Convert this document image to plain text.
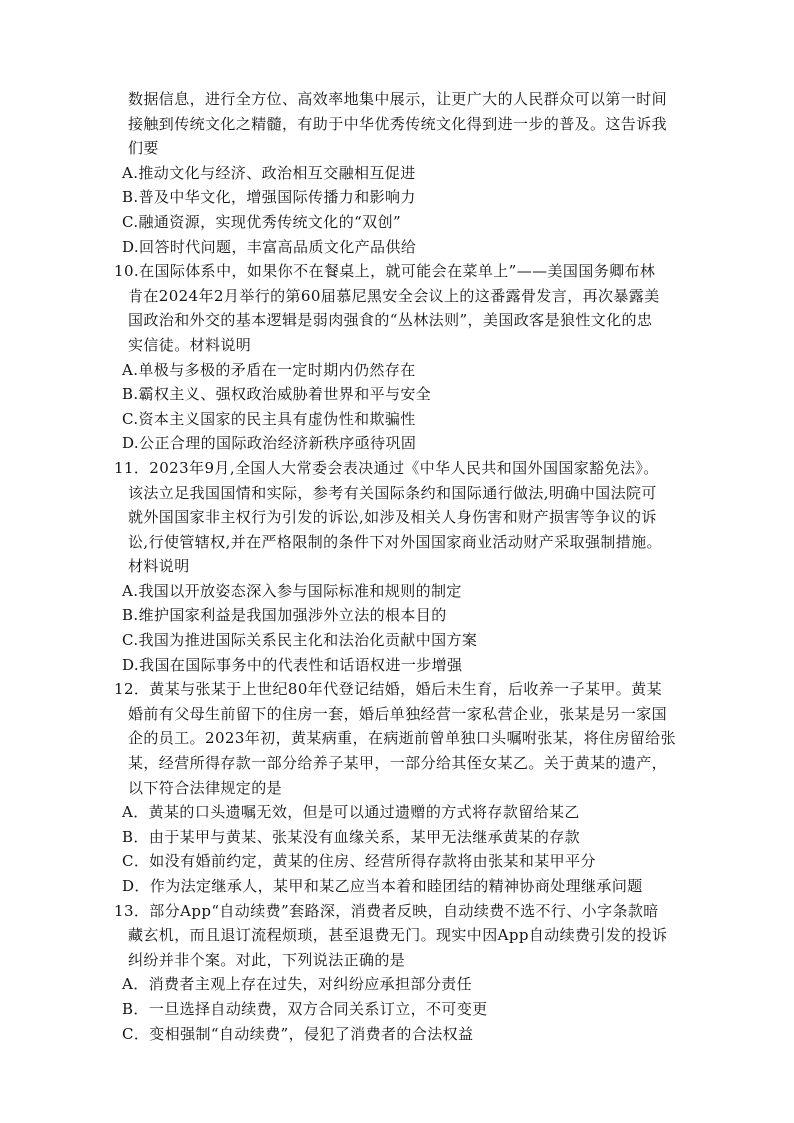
数据信息，进行全方位、高效率地集中展示，让更广大的人民群众可以第一时间
接触到传统文化之精髓，有助于中华优秀传统文化得到进一步的普及。这告诉我
们要
A.推动文化与经济、政治相互交融相互促进
B.普及中华文化，增强国际传播力和影响力
C.融通资源，实现优秀传统文化的“双创”
D.回答时代问题，丰富高品质文化产品供给
10.在国际体系中，如果你不在餐桌上，就可能会在菜单上”——美国国务卿布林
肯在2024年2月举行的第60届慕尼黑安全会议上的这番露骨发言，再次暴露美
国政治和外交的基本逻辑是弱肉强食的“丛林法则”，美国政客是狼性文化的忠
实信徒。材料说明
A.单极与多极的矛盾在一定时期内仍然存在
B.霸权主义、强权政治威胁着世界和平与安全
C.资本主义国家的民主具有虚伪性和欺骗性
D.公正合理的国际政治经济新秩序亟待巩固
11．2023年9月,全国人大常委会表决通过《中华人民共和国外国国家豁免法》。
该法立足我国国情和实际，参考有关国际条约和国际通行做法,明确中国法院可
就外国国家非主权行为引发的诉讼,如涉及相关人身伤害和财产损害等争议的诉
讼,行使管辖权,并在严格限制的条件下对外国国家商业活动财产采取强制措施。
材料说明
A.我国以开放姿态深入参与国际标准和规则的制定
B.维护国家利益是我国加强涉外立法的根本目的
C.我国为推进国际关系民主化和法治化贡献中国方案
D.我国在国际事务中的代表性和话语权进一步增强
12．黄某与张某于上世纪80年代登记结婚，婚后未生育，后收养一子某甲。黄某
婚前有父母生前留下的住房一套，婚后单独经营一家私营企业，张某是另一家国
企的员工。2023年初，黄某病重，在病逝前曾单独口头嘱咐张某，将住房留给张
某，经营所得存款一部分给养子某甲，一部分给其侄女某乙。关于黄某的遗产，
以下符合法律规定的是
A．黄某的口头遗嘱无效，但是可以通过遗赠的方式将存款留给某乙
B．由于某甲与黄某、张某没有血缘关系，某甲无法继承黄某的存款
C．如没有婚前约定，黄某的住房、经营所得存款将由张某和某甲平分
D．作为法定继承人，某甲和某乙应当本着和睦团结的精神协商处理继承问题
13．部分App“自动续费”套路深，消费者反映，自动续费不选不行、小字条款暗
藏玄机，而且退订流程烦琐，甚至退费无门。现实中因App自动续费引发的投诉
纠纷并非个案。对此，下列说法正确的是
A．消费者主观上存在过失，对纠纷应承担部分责任
B．一旦选择自动续费，双方合同关系订立，不可变更
C．变相强制“自动续费”，侵犯了消费者的合法权益
